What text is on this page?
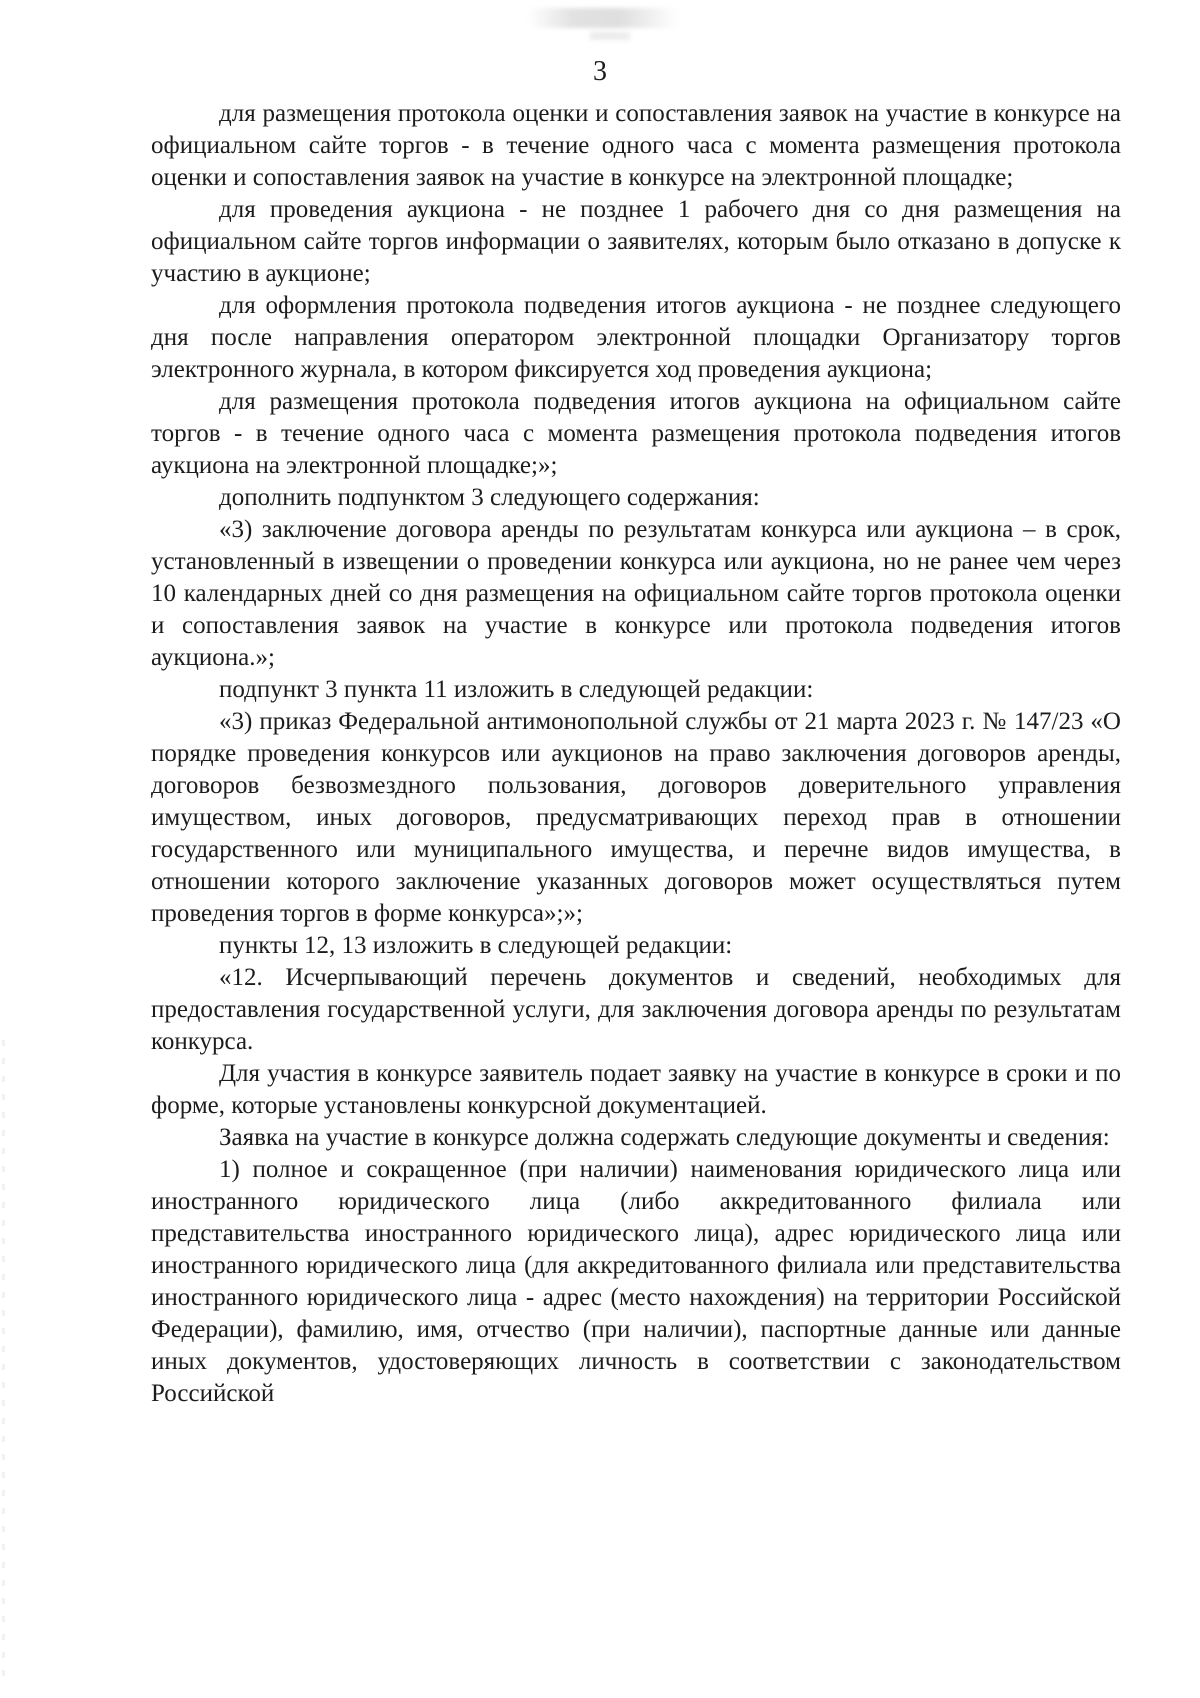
3

для размещения протокола оценки и сопоставления заявок на участие в конкурсе на официальном сайте торгов - в течение одного часа с момента размещения протокола оценки и сопоставления заявок на участие в конкурсе на электронной площадке;

для проведения аукциона - не позднее 1 рабочего дня со дня размещения на официальном сайте торгов информации о заявителях, которым было отказано в допуске к участию в аукционе;

для оформления протокола подведения итогов аукциона - не позднее следующего дня после направления оператором электронной площадки Организатору торгов электронного журнала, в котором фиксируется ход проведения аукциона;

для размещения протокола подведения итогов аукциона на официальном сайте торгов - в течение одного часа с момента размещения протокола подведения итогов аукциона на электронной площадке;»;

дополнить подпунктом 3 следующего содержания:

«3) заключение договора аренды по результатам конкурса или аукциона – в срок, установленный в извещении о проведении конкурса или аукциона, но не ранее чем через 10 календарных дней со дня размещения на официальном сайте торгов протокола оценки и сопоставления заявок на участие в конкурсе или протокола подведения итогов аукциона.»;

подпункт 3 пункта 11 изложить в следующей редакции:

«3) приказ Федеральной антимонопольной службы от 21 марта 2023 г. № 147/23 «О порядке проведения конкурсов или аукционов на право заключения договоров аренды, договоров безвозмездного пользования, договоров доверительного управления имуществом, иных договоров, предусматривающих переход прав в отношении государственного или муниципального имущества, и перечне видов имущества, в отношении которого заключение указанных договоров может осуществляться путем проведения торгов в форме конкурса»;»;

пункты 12, 13 изложить в следующей редакции:

«12. Исчерпывающий перечень документов и сведений, необходимых для предоставления государственной услуги, для заключения договора аренды по результатам конкурса.

Для участия в конкурсе заявитель подает заявку на участие в конкурсе в сроки и по форме, которые установлены конкурсной документацией.

Заявка на участие в конкурсе должна содержать следующие документы и сведения:

1) полное и сокращенное (при наличии) наименования юридического лица или иностранного юридического лица (либо аккредитованного филиала или представительства иностранного юридического лица), адрес юридического лица или иностранного юридического лица (для аккредитованного филиала или представительства иностранного юридического лица - адрес (место нахождения) на территории Российской Федерации), фамилию, имя, отчество (при наличии), паспортные данные или данные иных документов, удостоверяющих личность в соответствии с законодательством Российской
